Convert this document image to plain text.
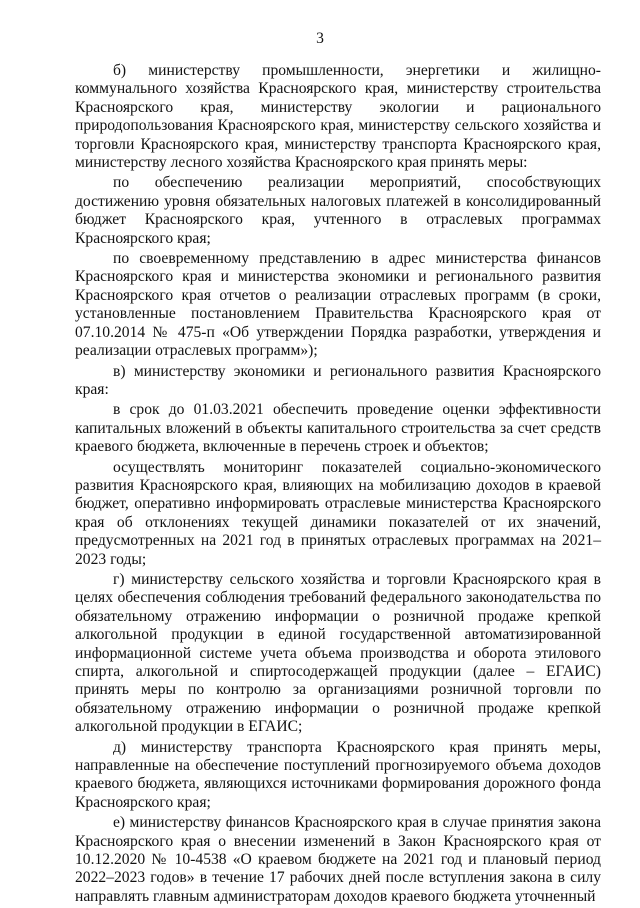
3

б) министерству промышленности, энергетики и жилищно-коммунального хозяйства Красноярского края, министерству строительства Красноярского края, министерству экологии и рационального природопользования Красноярского края, министерству сельского хозяйства и торговли Красноярского края, министерству транспорта Красноярского края, министерству лесного хозяйства Красноярского края принять меры:

по обеспечению реализации мероприятий, способствующих достижению уровня обязательных налоговых платежей в консолидированный бюджет Красноярского края, учтенного в отраслевых программах Красноярского края;

по своевременному представлению в адрес министерства финансов Красноярского края и министерства экономики и регионального развития Красноярского края отчетов о реализации отраслевых программ (в сроки, установленные постановлением Правительства Красноярского края от 07.10.2014 № 475-п «Об утверждении Порядка разработки, утверждения и реализации отраслевых программ»);

в) министерству экономики и регионального развития Красноярского края:

в срок до 01.03.2021 обеспечить проведение оценки эффективности капитальных вложений в объекты капитального строительства за счет средств краевого бюджета, включенные в перечень строек и объектов;

осуществлять мониторинг показателей социально-экономического развития Красноярского края, влияющих на мобилизацию доходов в краевой бюджет, оперативно информировать отраслевые министерства Красноярского края об отклонениях текущей динамики показателей от их значений, предусмотренных на 2021 год в принятых отраслевых программах на 2021–2023 годы;

г) министерству сельского хозяйства и торговли Красноярского края в целях обеспечения соблюдения требований федерального законодательства по обязательному отражению информации о розничной продаже крепкой алкогольной продукции в единой государственной автоматизированной информационной системе учета объема производства и оборота этилового спирта, алкогольной и спиртосодержащей продукции (далее – ЕГАИС) принять меры по контролю за организациями розничной торговли по обязательному отражению информации о розничной продаже крепкой алкогольной продукции в ЕГАИС;

д) министерству транспорта Красноярского края принять меры, направленные на обеспечение поступлений прогнозируемого объема доходов краевого бюджета, являющихся источниками формирования дорожного фонда Красноярского края;

е) министерству финансов Красноярского края в случае принятия закона Красноярского края о внесении изменений в Закон Красноярского края от 10.12.2020 № 10-4538 «О краевом бюджете на 2021 год и плановый период 2022–2023 годов» в течение 17 рабочих дней после вступления закона в силу направлять главным администраторам доходов краевого бюджета уточненный
